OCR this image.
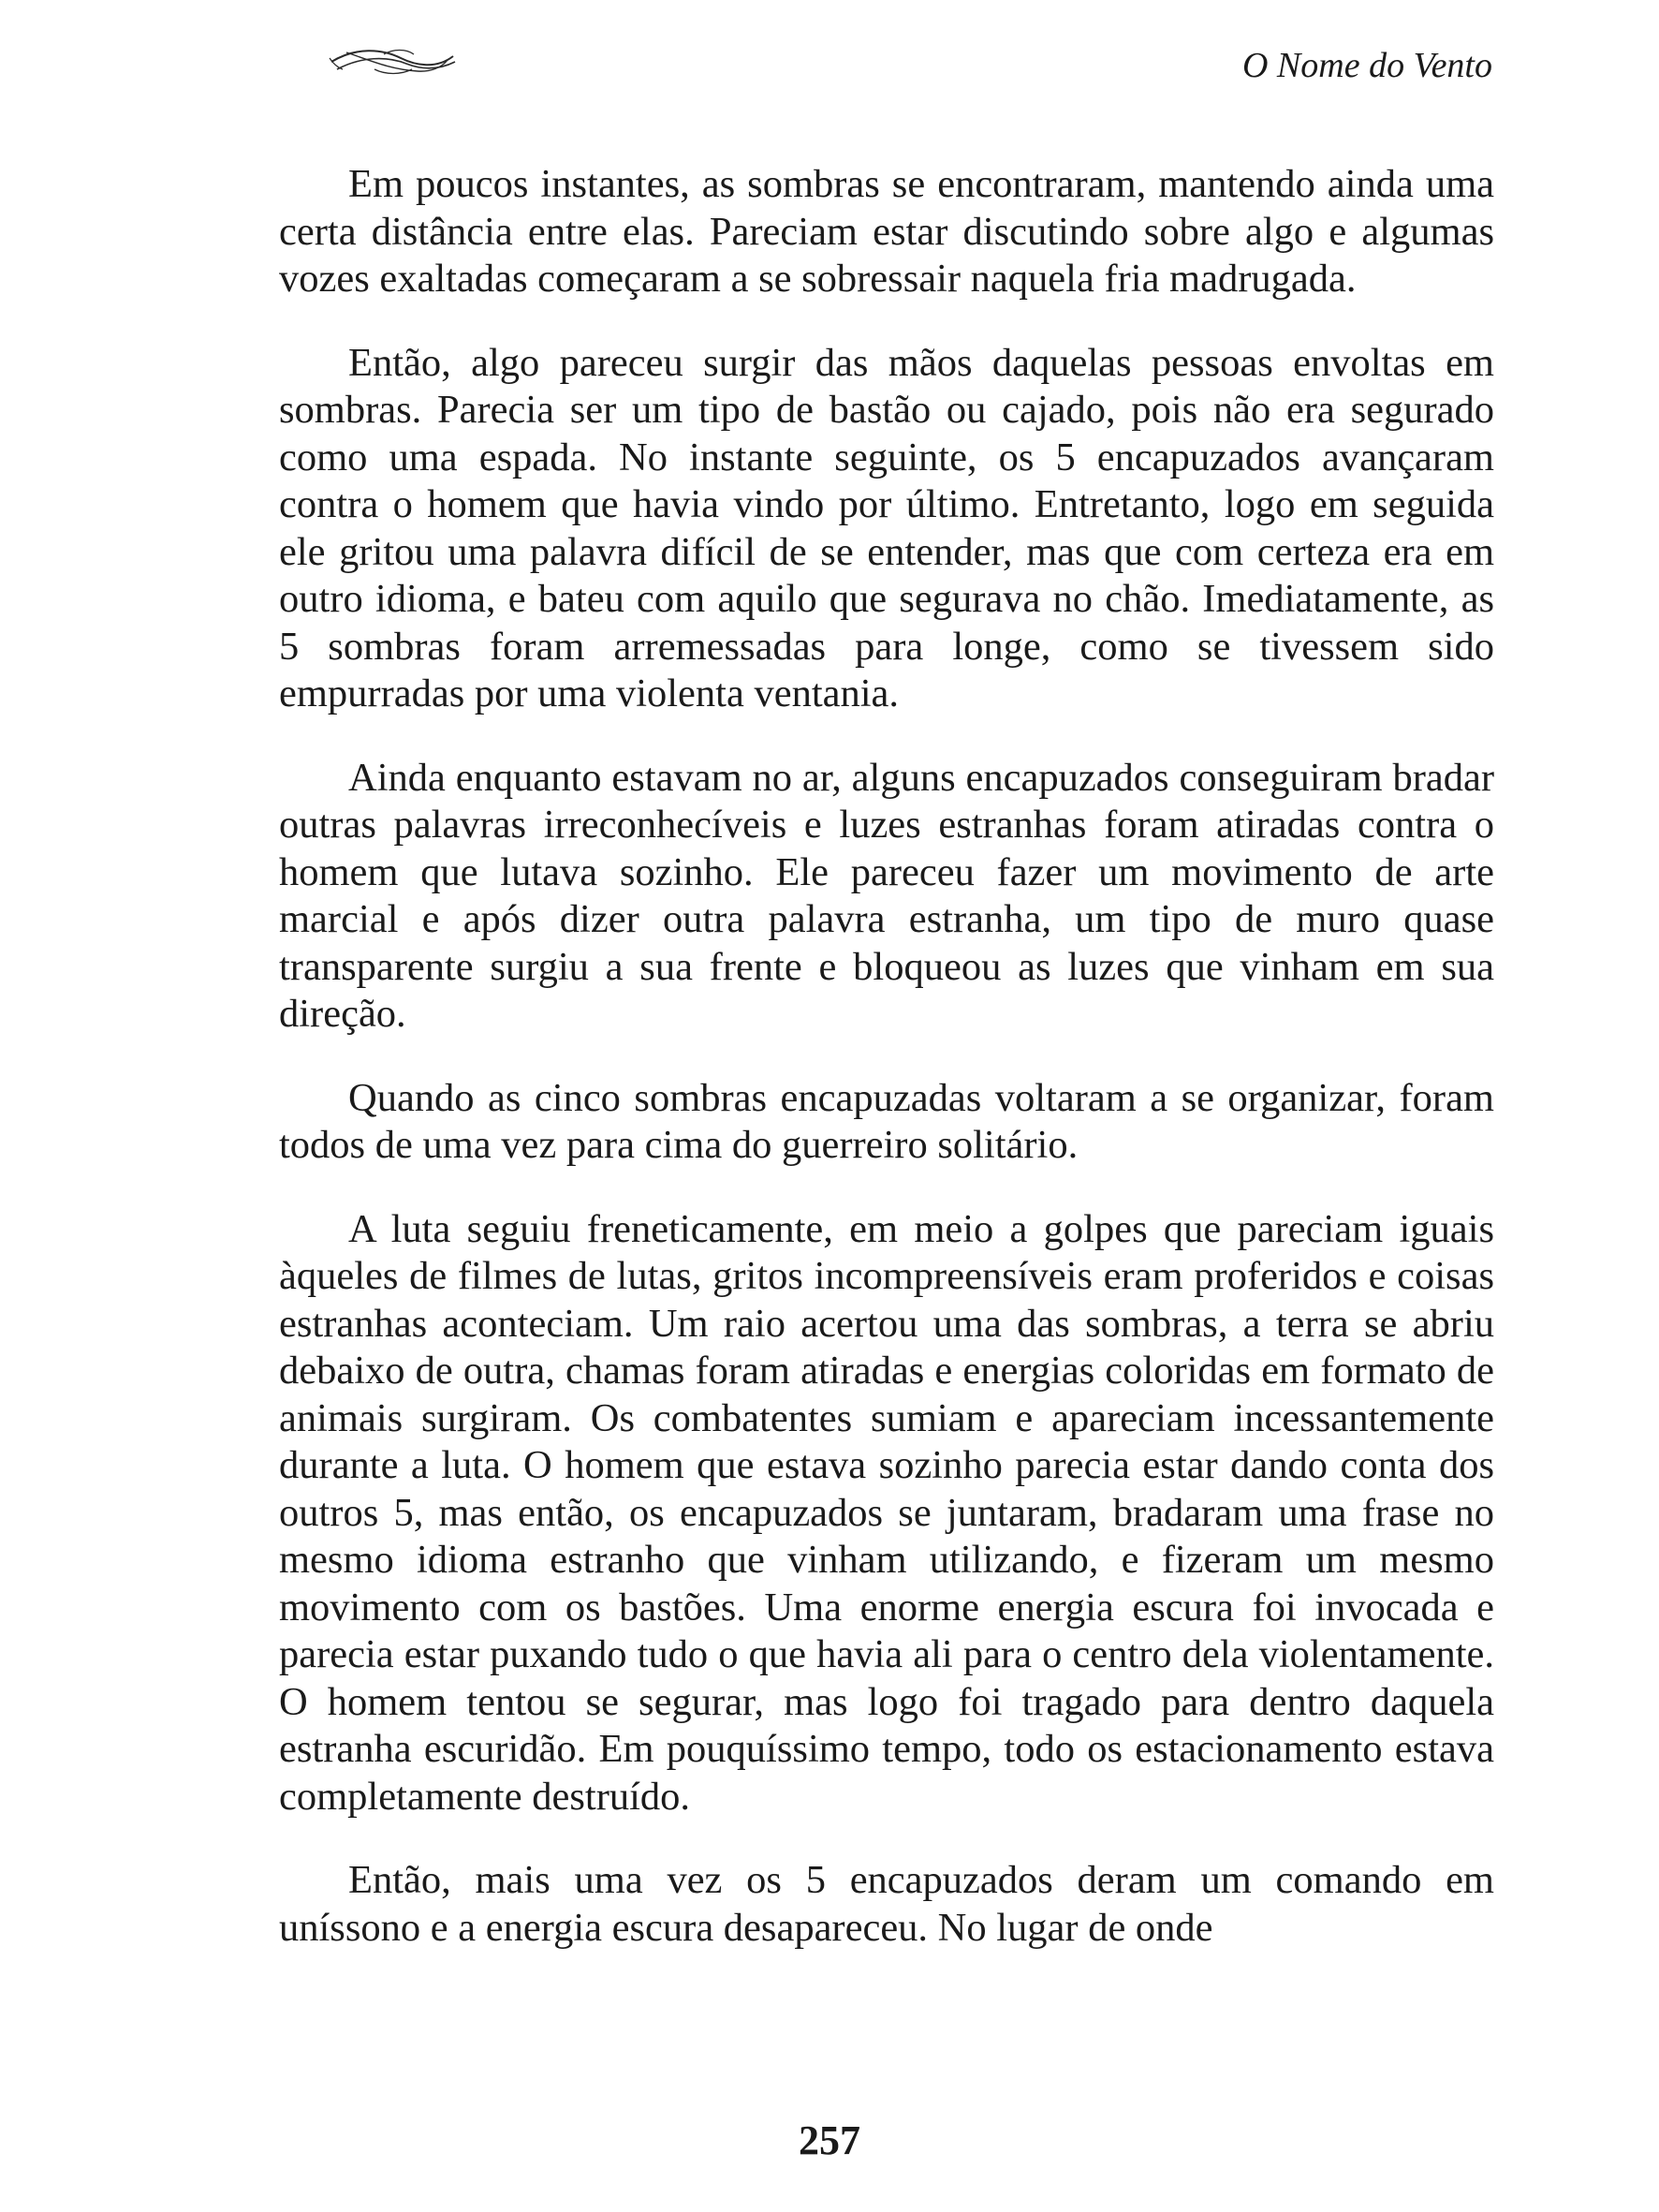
O Nome do Vento

Em poucos instantes, as sombras se encontraram, mantendo ainda uma certa distância entre elas. Pareciam estar discutindo sobre algo e algumas vozes exaltadas começaram a se sobressair naquela fria madrugada.

Então, algo pareceu surgir das mãos daquelas pessoas envoltas em sombras. Parecia ser um tipo de bastão ou cajado, pois não era segurado como uma espada. No instante seguinte, os 5 encapuzados avançaram contra o homem que havia vindo por último. Entretanto, logo em seguida ele gritou uma palavra difícil de se entender, mas que com certeza era em outro idioma, e bateu com aquilo que segurava no chão. Imediatamente, as 5 sombras foram arremessadas para longe, como se tivessem sido empurradas por uma violenta ventania.

Ainda enquanto estavam no ar, alguns encapuzados conseguiram bradar outras palavras irreconhecíveis e luzes estranhas foram atiradas contra o homem que lutava sozinho. Ele pareceu fazer um movimento de arte marcial e após dizer outra palavra estranha, um tipo de muro quase transparente surgiu a sua frente e bloqueou as luzes que vinham em sua direção.

Quando as cinco sombras encapuzadas voltaram a se organizar, foram todos de uma vez para cima do guerreiro solitário.

A luta seguiu freneticamente, em meio a golpes que pareciam iguais àqueles de filmes de lutas, gritos incompreensíveis eram proferidos e coisas estranhas aconteciam. Um raio acertou uma das sombras, a terra se abriu debaixo de outra, chamas foram atiradas e energias coloridas em formato de animais surgiram. Os combatentes sumiam e apareciam incessantemente durante a luta. O homem que estava sozinho parecia estar dando conta dos outros 5, mas então, os encapuzados se juntaram, bradaram uma frase no mesmo idioma estranho que vinham utilizando, e fizeram um mesmo movimento com os bastões. Uma enorme energia escura foi invocada e parecia estar puxando tudo o que havia ali para o centro dela violentamente. O homem tentou se segurar, mas logo foi tragado para dentro daquela estranha escuridão. Em pouquíssimo tempo, todo os estacionamento estava completamente destruído.

Então, mais uma vez os 5 encapuzados deram um comando em uníssono e a energia escura desapareceu. No lugar de onde

257
